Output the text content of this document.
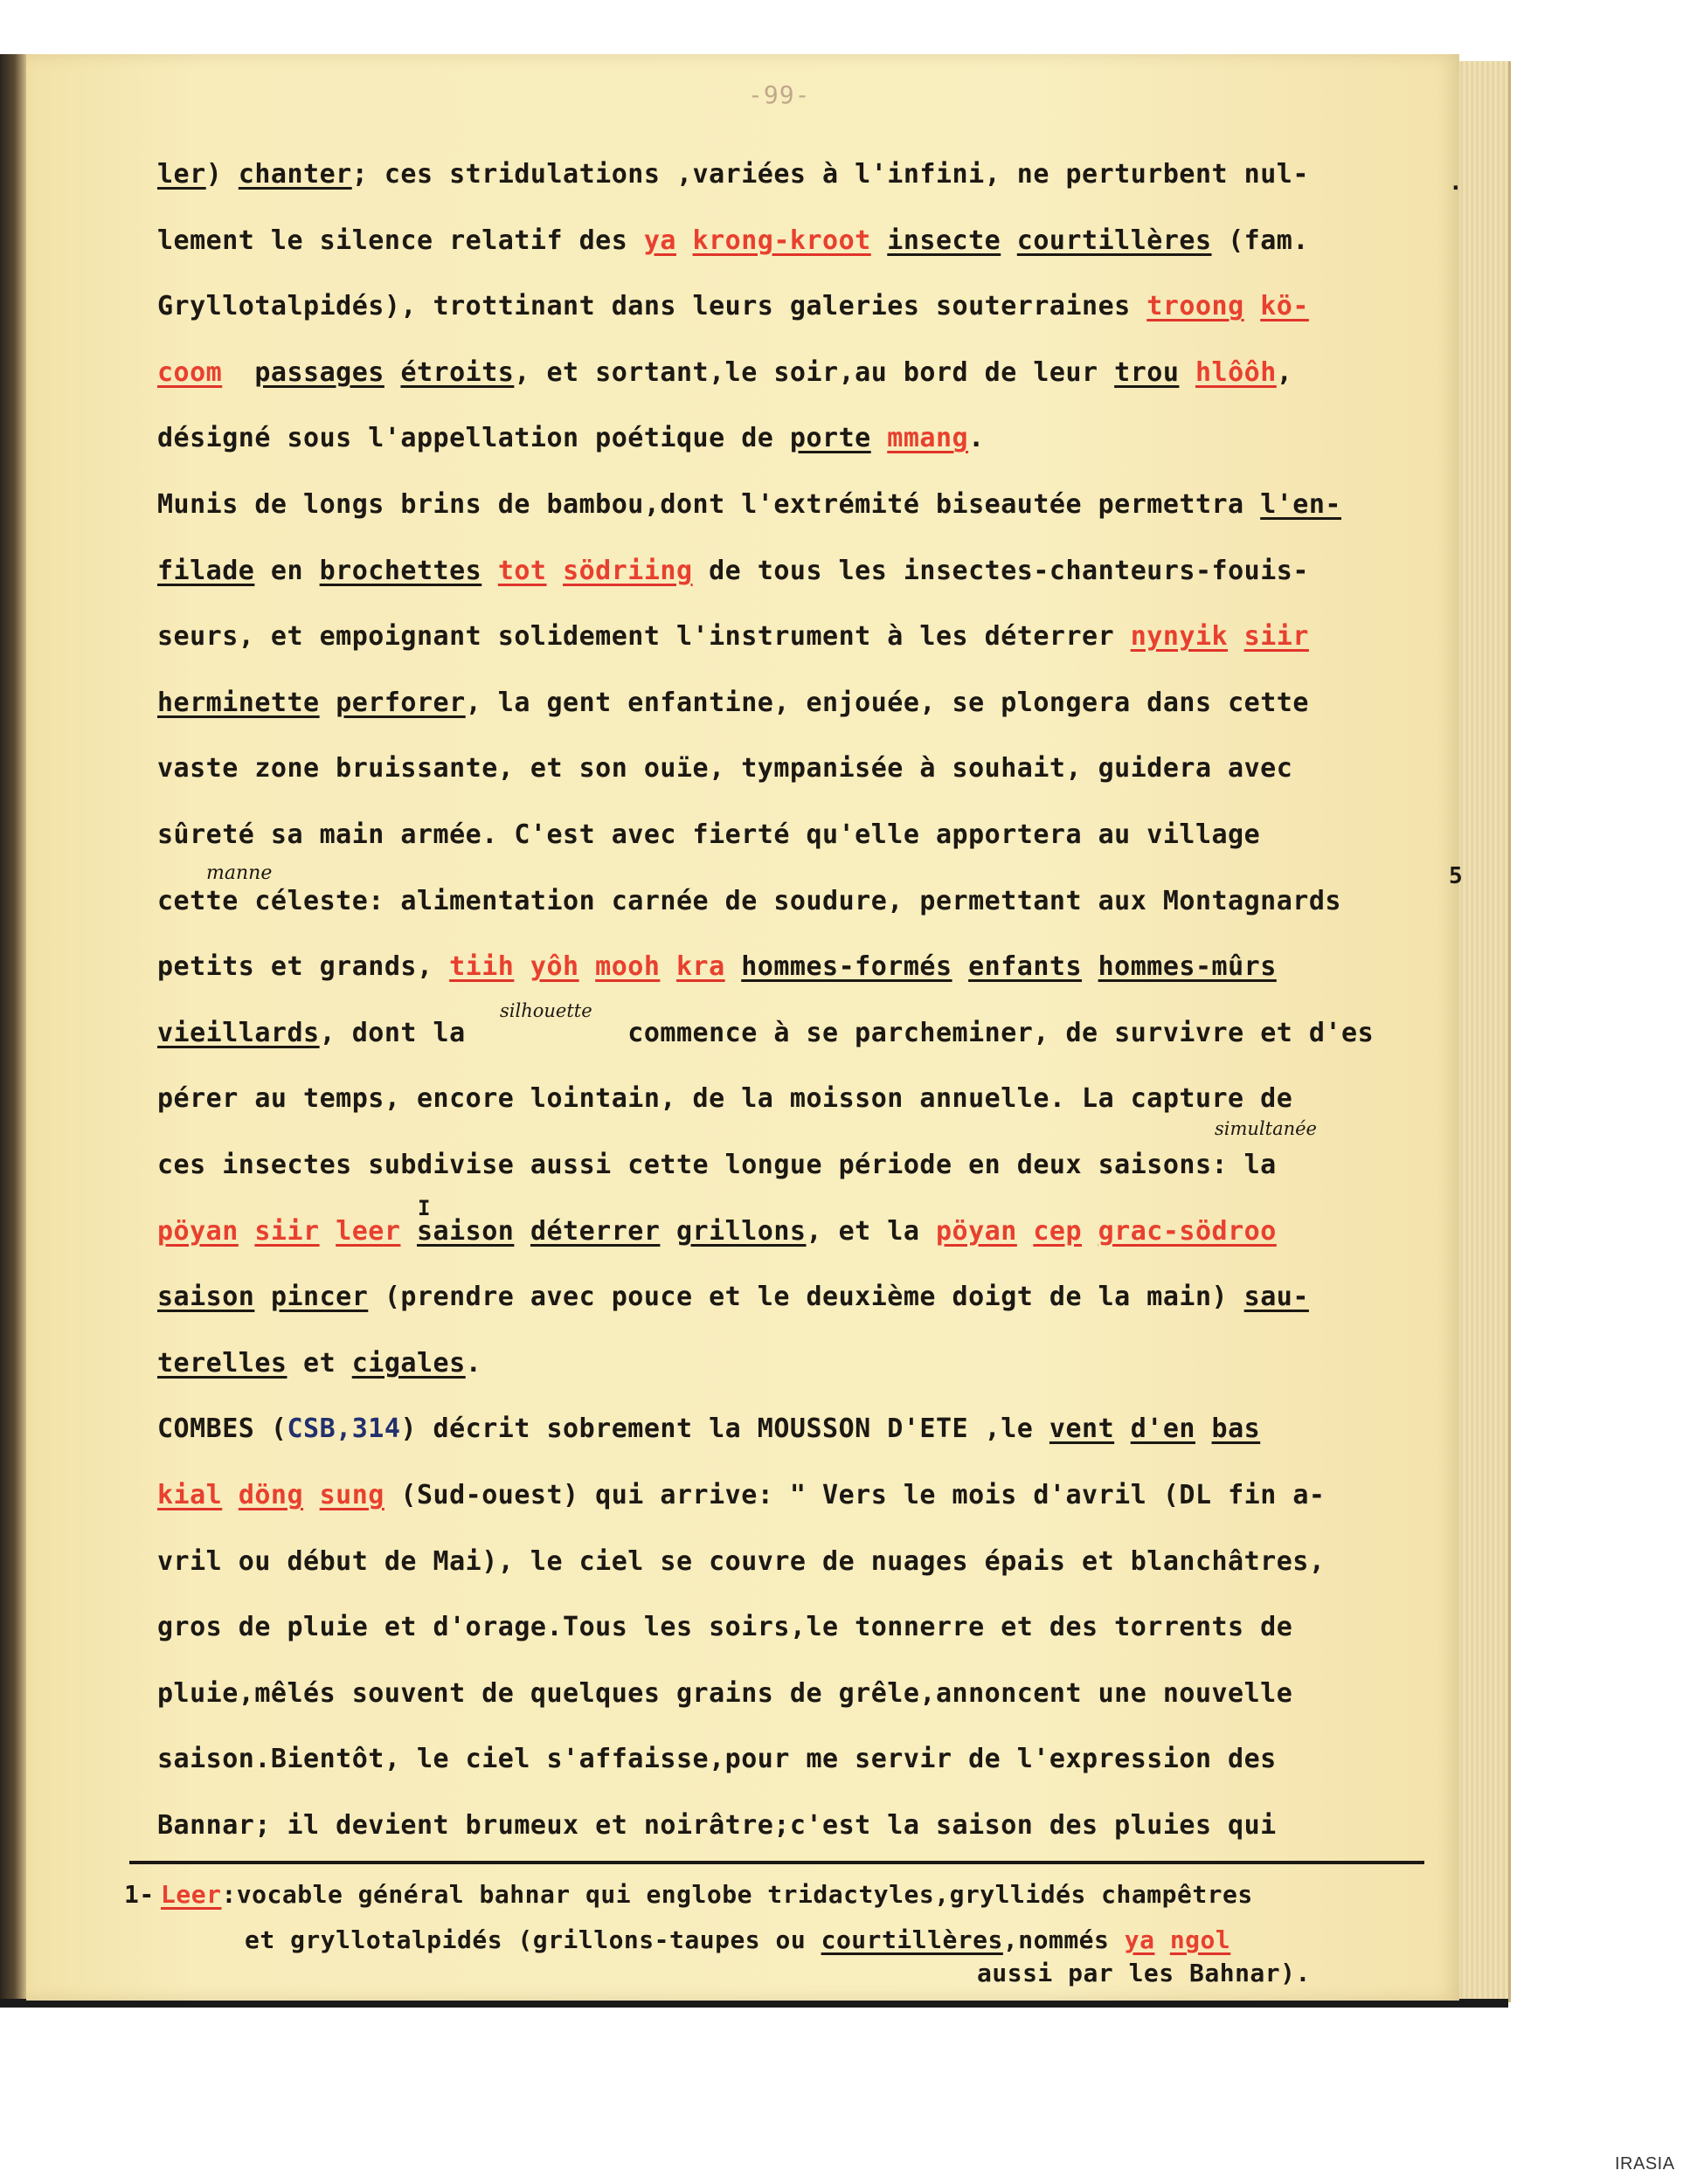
-99-
ler) chanter; ces stridulations ,variées à l'infini, ne perturbent nul-
lement le silence relatif des ya krong-kroot insecte courtillères (fam.
Gryllotalpidés), trottinant dans leurs galeries souterraines troong kö-
coom passages étroits, et sortant,le soir,au bord de leur trou hlôôh,
désigné sous l'appellation poétique de porte mmang.
Munis de longs brins de bambou,dont l'extrémité biseautée permettra l'en-
filade en brochettes tot södriing de tous les insectes-chanteurs-fouis-
seurs, et empoignant solidement l'instrument à les déterrer nynyik siir
herminette perforer, la gent enfantine, enjouée, se plongera dans cette
vaste zone bruissante, et son ouïe, tympanisée à souhait, guidera avec
sûreté sa main armée. C'est avec fierté qu'elle apportera au village
cette céleste: alimentation carnée de soudure, permettant aux Montagnards
petits et grands, tiih yôh mooh kra hommes-formés enfants hommes-mûrs
vieillards, dont la          commence à se parcheminer, de survivre et d'es
pérer au temps, encore lointain, de la moisson annuelle. La capture de
ces insectes subdivise aussi cette longue période en deux saisons: la
pöyan siir leer saison déterrer grillons, et la pöyan cep grac-södroo
saison pincer (prendre avec pouce et le deuxième doigt de la main) sau-
terelles et cigales.
COMBES (CSB,314) décrit sobrement la MOUSSON D'ETE ,le vent d'en bas
kial döng sung (Sud-ouest) qui arrive: " Vers le mois d'avril (DL fin a-
vril ou début de Mai), le ciel se couvre de nuages épais et blanchâtres,
gros de pluie et d'orage.Tous les soirs,le tonnerre et des torrents de
pluie,mêlés souvent de quelques grains de grêle,annoncent une nouvelle
saison.Bientôt, le ciel s'affaisse,pour me servir de l'expression des
Bannar; il devient brumeux et noirâtre;c'est la saison des pluies qui
manne
silhouette
simultanée
I
.
5
1- Leer:vocable général bahnar qui englobe tridactyles,gryllidés champêtres
et gryllotalpidés (grillons-taupes ou courtillères,nommés ya ngol
aussi par les Bahnar).
IRASIA
